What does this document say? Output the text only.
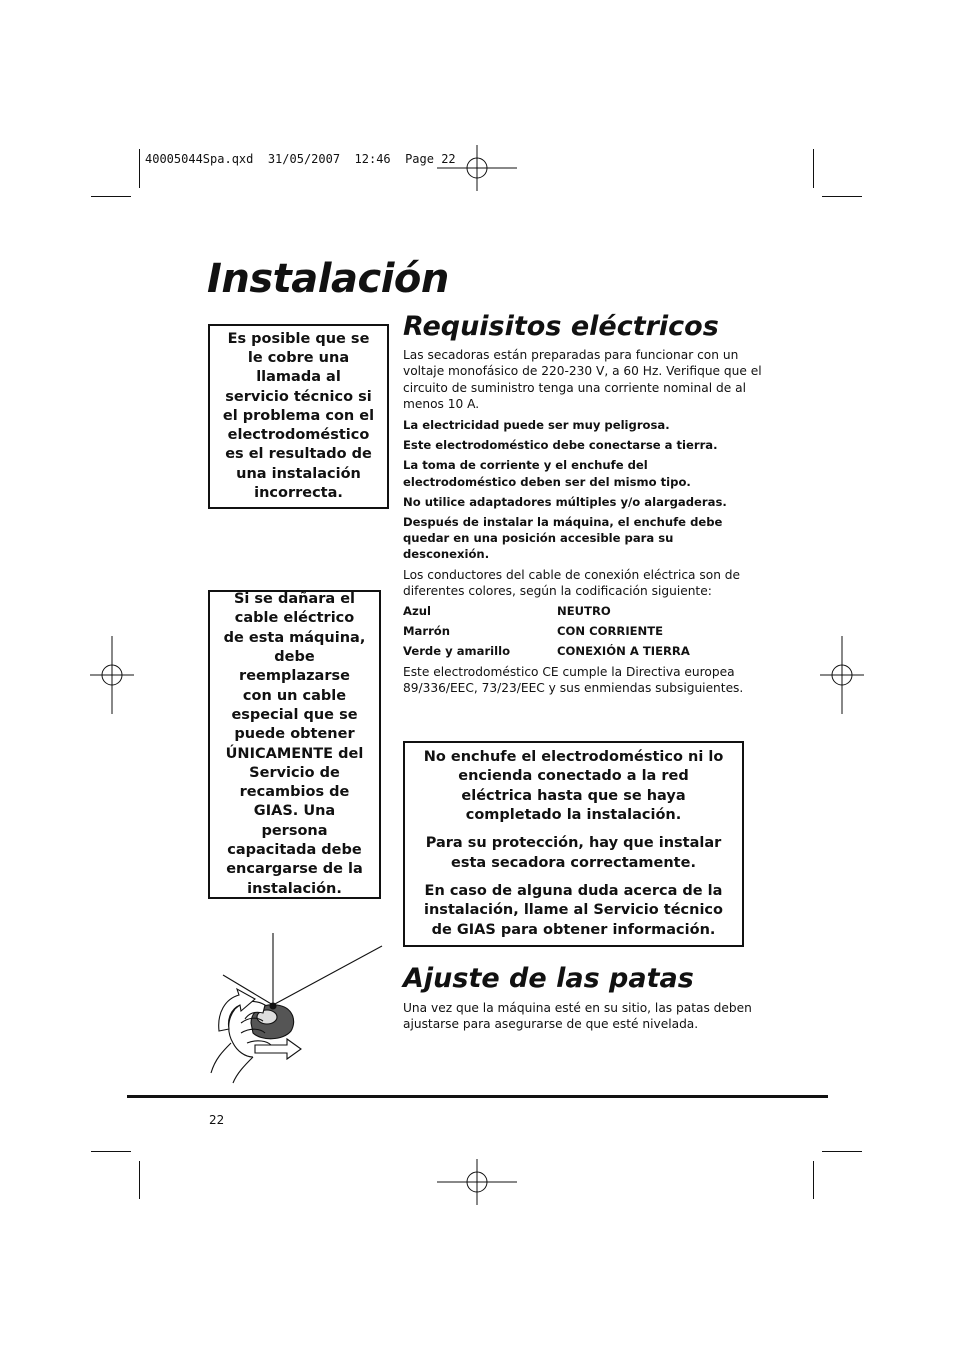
40005044Spa.qxd  31/05/2007  12:46  Page 22
Instalación

Es posible que se le cobre una llamada al servicio técnico si el problema con el electrodoméstico es el resultado de una instalación incorrecta.

Si se dañara el cable eléctrico de esta máquina, debe reemplazarse con un cable especial que se puede obtener ÚNICAMENTE del Servicio de recambios de GIAS. Una persona capacitada debe encargarse de la instalación.

Requisitos eléctricos

Las secadoras están preparadas para funcionar con un voltaje monofásico de 220-230 V, a 60 Hz. Verifique que el circuito de suministro tenga una corriente nominal de al menos 10 A.

La electricidad puede ser muy peligrosa.

Este electrodoméstico debe conectarse a tierra.

La toma de corriente y el enchufe del electrodoméstico deben ser del mismo tipo.

No utilice adaptadores múltiples y/o alargaderas.

Después de instalar la máquina, el enchufe debe quedar en una posición accesible para su desconexión.

Los conductores del cable de conexión eléctrica son de diferentes colores, según la codificación siguiente:

Azul	NEUTRO
Marrón	CON CORRIENTE
Verde y amarillo	CONEXIÓN A TIERRA

Este electrodoméstico CE cumple la Directiva europea 89/336/EEC, 73/23/EEC y sus enmiendas subsiguientes.

No enchufe el electrodoméstico ni lo encienda conectado a la red eléctrica hasta que se haya completado la instalación.

Para su protección, hay que instalar esta secadora correctamente.

En caso de alguna duda acerca de la instalación, llame al Servicio técnico de GIAS para obtener información.

Ajuste de las patas

Una vez que la máquina esté en su sitio, las patas deben ajustarse para asegurarse de que esté nivelada.

22
